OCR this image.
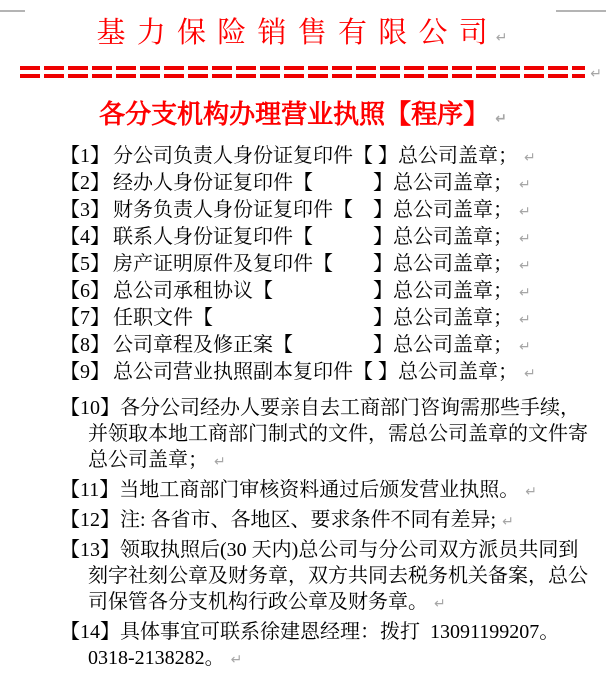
基 力 保 险 销 售 有 限 公 司 ↵
↵
各分支机构办理营业执照【程序】 ↵
【1】 分公司负责人身份证复印件【 】总公司盖章； ↵
【2】 经办人身份证复印件【　　　】总公司盖章； ↵
【3】 财务负责人身份证复印件【　】总公司盖章； ↵
【4】 联系人身份证复印件【　　　】总公司盖章； ↵
【5】 房产证明原件及复印件【　　】总公司盖章； ↵
【6】 总公司承租协议【　　　　　】总公司盖章； ↵
【7】 任职文件【　　　　　　　　】总公司盖章； ↵
【8】 公司章程及修正案【　　　　】总公司盖章； ↵
【9】 总公司营业执照副本复印件【 】总公司盖章； ↵
【10】 各分公司经办人要亲自去工商部门咨询需那些手续，
并领取本地工商部门制式的文件，需总公司盖章的文件寄
总公司盖章； ↵
【11】 当地工商部门审核资料通过后颁发营业执照。 ↵
【12】 注: 各省市、各地区、要求条件不同有差异; ↵
【13】 领取执照后(30 天内)总公司与分公司双方派员共同到
刻字社刻公章及财务章，双方共同去税务机关备案，总公
司保管各分支机构行政公章及财务章。 ↵
【14】 具体事宜可联系徐建恩经理：拨打  13091199207。
0318-2138282。 ↵
